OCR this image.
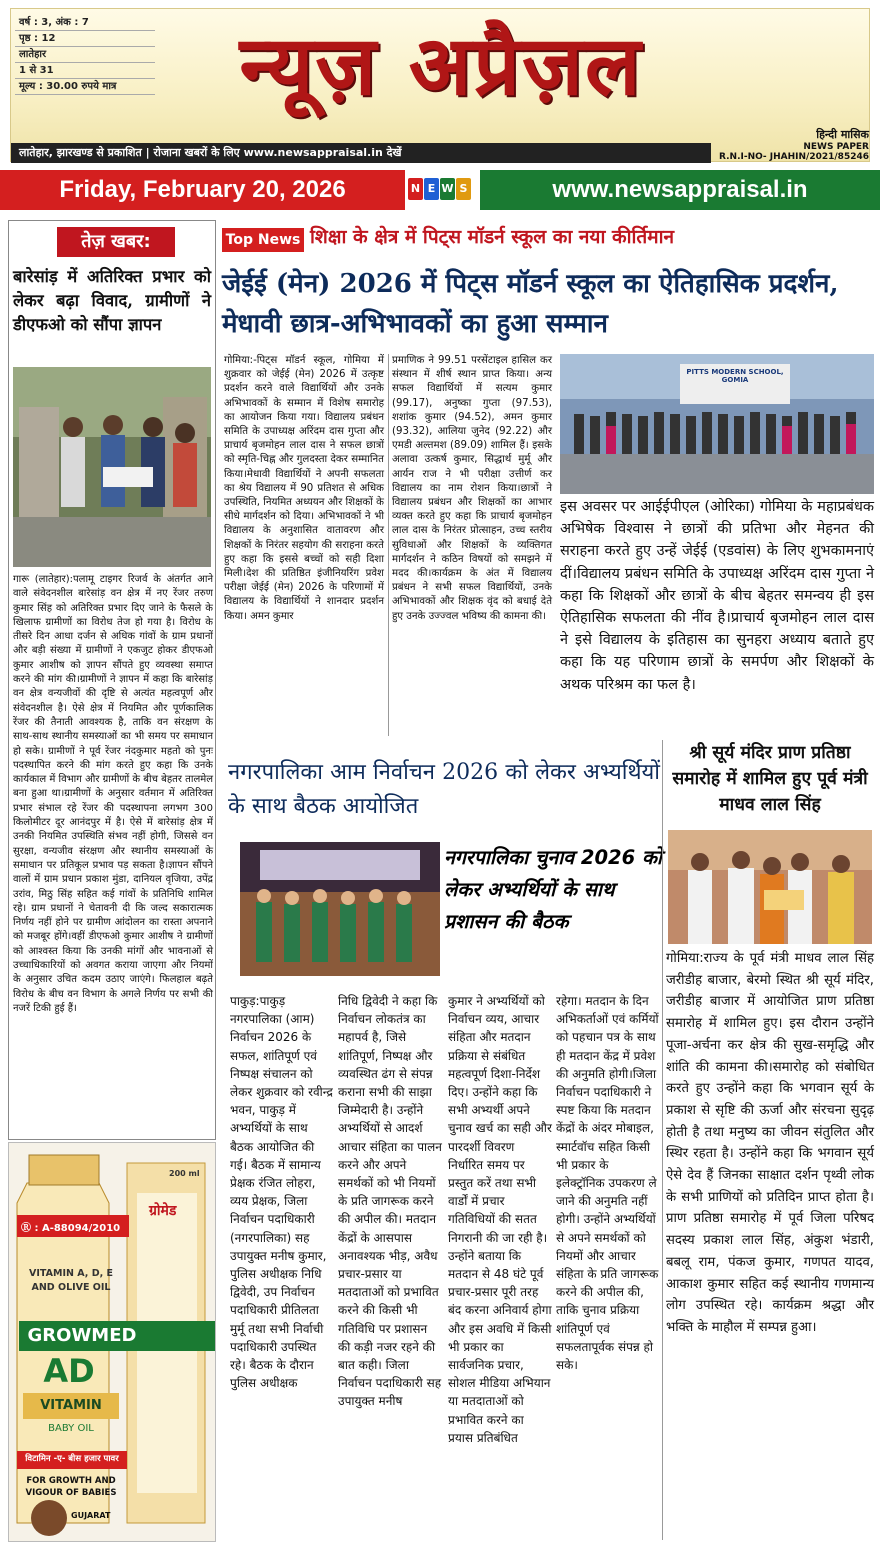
वर्ष : 3, अंक : 7
पृष्ठ : 12
लातेहार
1 से 31
मूल्य : 30.00 रुपये मात्र	न्यूज़ अप्रैज़ल
हिन्दी मासिक
NEWS PAPER
R.N.I-NO- JHAHIN/2021/85246
लातेहार, झारखण्ड से प्रकाशित | रोजाना खबरों के लिए www.newsappraisal.in देखें
Friday, February 20, 2026	N E W S	www.newsappraisal.in
तेज़ खबर:
बारेसांड़ में अतिरिक्त प्रभार को लेकर बढ़ा विवाद, ग्रामीणों ने डीएफओ को सौंपा ज्ञापन
गारू (लातेहार):पलामू टाइगर रिजर्व के अंतर्गत आने वाले संवेदनशील बारेसांड़ वन क्षेत्र में नए रेंजर तरुण कुमार सिंह को अतिरिक्त प्रभार दिए जाने के फैसले के खिलाफ ग्रामीणों का विरोध तेज हो गया है। विरोध के तीसरे दिन आधा दर्जन से अधिक गांवों के ग्राम प्रधानों और बड़ी संख्या में ग्रामीणों ने एकजुट होकर डीएफओ कुमार आशीष को ज्ञापन सौंपते हुए व्यवस्था समाप्त करने की मांग की।ग्रामीणों ने ज्ञापन में कहा कि बारेसांड़ वन क्षेत्र वन्यजीवों की दृष्टि से अत्यंत महत्वपूर्ण और संवेदनशील है। ऐसे क्षेत्र में नियमित और पूर्णकालिक रेंजर की तैनाती आवश्यक है, ताकि वन संरक्षण के साथ-साथ स्थानीय समस्याओं का भी समय पर समाधान हो सके। ग्रामीणों ने पूर्व रेंजर नंदकुमार महतो को पुनः पदस्थापित करने की मांग करते हुए कहा कि उनके कार्यकाल में विभाग और ग्रामीणों के बीच बेहतर तालमेल बना हुआ था।ग्रामीणों के अनुसार वर्तमान में अतिरिक्त प्रभार संभाल रहे रेंजर की पदस्थापना लगभग 300 किलोमीटर दूर आनंदपुर में है। ऐसे में बारेसांड़ क्षेत्र में उनकी नियमित उपस्थिति संभव नहीं होगी, जिससे वन सुरक्षा, वन्यजीव संरक्षण और स्थानीय समस्याओं के समाधान पर प्रतिकूल प्रभाव पड़ सकता है।ज्ञापन सौंपने वालों में ग्राम प्रधान प्रकाश मुंडा, दानियल वृजिया, उपेंद्र उरांव, मिठु सिंह सहित कई गांवों के प्रतिनिधि शामिल रहे। ग्राम प्रधानों ने चेतावनी दी कि जल्द सकारात्मक निर्णय नहीं होने पर ग्रामीण आंदोलन का रास्ता अपनाने को मजबूर होंगे।वहीं डीएफओ कुमार आशीष ने ग्रामीणों को आश्वस्त किया कि उनकी मांगों और भावनाओं से उच्चाधिकारियों को अवगत कराया जाएगा और नियमों के अनुसार उचित कदम उठाए जाएंगे। फिलहाल बढ़ते विरोध के बीच वन विभाग के अगले निर्णय पर सभी की नजरें टिकी हुई हैं।
Ⓡ : A-88094/2010
200 ml
ग्रोमेड
VITAMIN A, D, E AND OLIVE OIL
GROWMED
AD
VITAMIN
BABY OIL
विटामिन -ए- बीस हजार पावर
FOR GROWTH AND VIGOUR OF BABIES
GUJARAT
Top News शिक्षा के क्षेत्र में पिट्स मॉडर्न स्कूल का नया कीर्तिमान
जेईई (मेन) 2026 में पिट्स मॉडर्न स्कूल का ऐतिहासिक प्रदर्शन, मेधावी छात्र-अभिभावकों का हुआ सम्मान
गोमिया:-पिट्स मॉडर्न स्कूल, गोमिया में शुक्रवार को जेईई (मेन) 2026 में उत्कृष्ट प्रदर्शन करने वाले विद्यार्थियों और उनके अभिभावकों के सम्मान में विशेष समारोह का आयोजन किया गया। विद्यालय प्रबंधन समिति के उपाध्यक्ष अरिंदम दास गुप्ता और प्राचार्य बृजमोहन लाल दास ने सफल छात्रों को स्मृति-चिह्न और गुलदस्ता देकर सम्मानित किया।मेधावी विद्यार्थियों ने अपनी सफलता का श्रेय विद्यालय में 90 प्रतिशत से अधिक उपस्थिति, नियमित अध्ययन और शिक्षकों के सीधे मार्गदर्शन को दिया। अभिभावकों ने भी विद्यालय के अनुशासित वातावरण और शिक्षकों के निरंतर सहयोग की सराहना करते हुए कहा कि इससे बच्चों को सही दिशा मिली।देश की प्रतिष्ठित इंजीनियरिंग प्रवेश परीक्षा जेईई (मेन) 2026 के परिणामों में विद्यालय के विद्यार्थियों ने शानदार प्रदर्शन किया। अमन कुमार
प्रमाणिक ने 99.51 परसेंटाइल हासिल कर संस्थान में शीर्ष स्थान प्राप्त किया। अन्य सफल विद्यार्थियों में सत्यम कुमार (99.17), अनुष्का गुप्ता (97.53), शशांक कुमार (94.52), अमन कुमार (93.32), आलिया जुनेद (92.22) और एमडी अल्तमश (89.09) शामिल हैं। इसके अलावा उत्कर्ष कुमार, सिद्धार्थ मुर्मू और आर्यन राज ने भी परीक्षा उत्तीर्ण कर विद्यालय का नाम रोशन किया।छात्रों ने विद्यालय प्रबंधन और शिक्षकों का आभार व्यक्त करते हुए कहा कि प्राचार्य बृजमोहन लाल दास के निरंतर प्रोत्साहन, उच्च स्तरीय सुविधाओं और शिक्षकों के व्यक्तिगत मार्गदर्शन ने कठिन विषयों को समझने में मदद की।कार्यक्रम के अंत में विद्यालय प्रबंधन ने सभी सफल विद्यार्थियों, उनके अभिभावकों और शिक्षक वृंद को बधाई देते हुए उनके उज्ज्वल भविष्य की कामना की।
PITTS MODERN SCHOOL, GOMIA
इस अवसर पर आईईपीएल (ओरिका) गोमिया के महाप्रबंधक अभिषेक विश्वास ने छात्रों की प्रतिभा और मेहनत की सराहना करते हुए उन्हें जेईई (एडवांस) के लिए शुभकामनाएं दीं।विद्यालय प्रबंधन समिति के उपाध्यक्ष अरिंदम दास गुप्ता ने कहा कि शिक्षकों और छात्रों के बीच बेहतर समन्वय ही इस ऐतिहासिक सफलता की नींव है।प्राचार्य बृजमोहन लाल दास ने इसे विद्यालय के इतिहास का सुनहरा अध्याय बताते हुए कहा कि यह परिणाम छात्रों के समर्पण और शिक्षकों के अथक परिश्रम का फल है।
नगरपालिका आम निर्वाचन 2026 को लेकर अभ्यर्थियों के साथ बैठक आयोजित
नगरपालिका चुनाव 2026 को लेकर अभ्यर्थियों के साथ प्रशासन की बैठक
पाकुड़:पाकुड़ नगरपालिका (आम) निर्वाचन 2026 के सफल, शांतिपूर्ण एवं निष्पक्ष संचालन को लेकर शुक्रवार को रवीन्द्र भवन, पाकुड़ में अभ्यर्थियों के साथ बैठक आयोजित की गई। बैठक में सामान्य प्रेक्षक रंजित लोहरा, व्यय प्रेक्षक, जिला निर्वाचन पदाधिकारी (नगरपालिका) सह उपायुक्त मनीष कुमार, पुलिस अधीक्षक निधि द्विवेदी, उप निर्वाचन पदाधिकारी प्रीतिलता मुर्मू तथा सभी निर्वाची पदाधिकारी उपस्थित रहे। बैठक के दौरान पुलिस अधीक्षक
निधि द्विवेदी ने कहा कि निर्वाचन लोकतंत्र का महापर्व है, जिसे शांतिपूर्ण, निष्पक्ष और व्यवस्थित ढंग से संपन्न कराना सभी की साझा जिम्मेदारी है। उन्होंने अभ्यर्थियों से आदर्श आचार संहिता का पालन करने और अपने समर्थकों को भी नियमों के प्रति जागरूक करने की अपील की। मतदान केंद्रों के आसपास अनावश्यक भीड़, अवैध प्रचार-प्रसार या मतदाताओं को प्रभावित करने की किसी भी गतिविधि पर प्रशासन की कड़ी नजर रहने की बात कही। जिला निर्वाचन पदाधिकारी सह उपायुक्त मनीष
कुमार ने अभ्यर्थियों को निर्वाचन व्यय, आचार संहिता और मतदान प्रक्रिया से संबंधित महत्वपूर्ण दिशा-निर्देश दिए। उन्होंने कहा कि सभी अभ्यर्थी अपने चुनाव खर्च का सही और पारदर्शी विवरण निर्धारित समय पर प्रस्तुत करें तथा सभी वार्डों में प्रचार गतिविधियों की सतत निगरानी की जा रही है। उन्होंने बताया कि मतदान से 48 घंटे पूर्व प्रचार-प्रसार पूरी तरह बंद करना अनिवार्य होगा और इस अवधि में किसी भी प्रकार का सार्वजनिक प्रचार, सोशल मीडिया अभियान या मतदाताओं को प्रभावित करने का प्रयास प्रतिबंधित
रहेगा। मतदान के दिन अभिकर्ताओं एवं कर्मियों को पहचान पत्र के साथ ही मतदान केंद्र में प्रवेश की अनुमति होगी।जिला निर्वाचन पदाधिकारी ने स्पष्ट किया कि मतदान केंद्रों के अंदर मोबाइल, स्मार्टवॉच सहित किसी भी प्रकार के इलेक्ट्रॉनिक उपकरण ले जाने की अनुमति नहीं होगी। उन्होंने अभ्यर्थियों से अपने समर्थकों को नियमों और आचार संहिता के प्रति जागरूक करने की अपील की, ताकि चुनाव प्रक्रिया शांतिपूर्ण एवं सफलतापूर्वक संपन्न हो सके।
श्री सूर्य मंदिर प्राण प्रतिष्ठा समारोह में शामिल हुए पूर्व मंत्री माधव लाल सिंह
गोमिया:राज्य के पूर्व मंत्री माधव लाल सिंह जरीडीह बाजार, बेरमो स्थित श्री सूर्य मंदिर, जरीडीह बाजार में आयोजित प्राण प्रतिष्ठा समारोह में शामिल हुए। इस दौरान उन्होंने पूजा-अर्चना कर क्षेत्र की सुख-समृद्धि और शांति की कामना की।समारोह को संबोधित करते हुए उन्होंने कहा कि भगवान सूर्य के प्रकाश से सृष्टि की ऊर्जा और संरचना सुदृढ़ होती है तथा मनुष्य का जीवन संतुलित और स्थिर रहता है। उन्होंने कहा कि भगवान सूर्य ऐसे देव हैं जिनका साक्षात दर्शन पृथ्वी लोक के सभी प्राणियों को प्रतिदिन प्राप्त होता है।प्राण प्रतिष्ठा समारोह में पूर्व जिला परिषद सदस्य प्रकाश लाल सिंह, अंकुश भंडारी, बबलू राम, पंकज कुमार, गणपत यादव, आकाश कुमार सहित कई स्थानीय गणमान्य लोग उपस्थित रहे। कार्यक्रम श्रद्धा और भक्ति के माहौल में सम्पन्न हुआ।
